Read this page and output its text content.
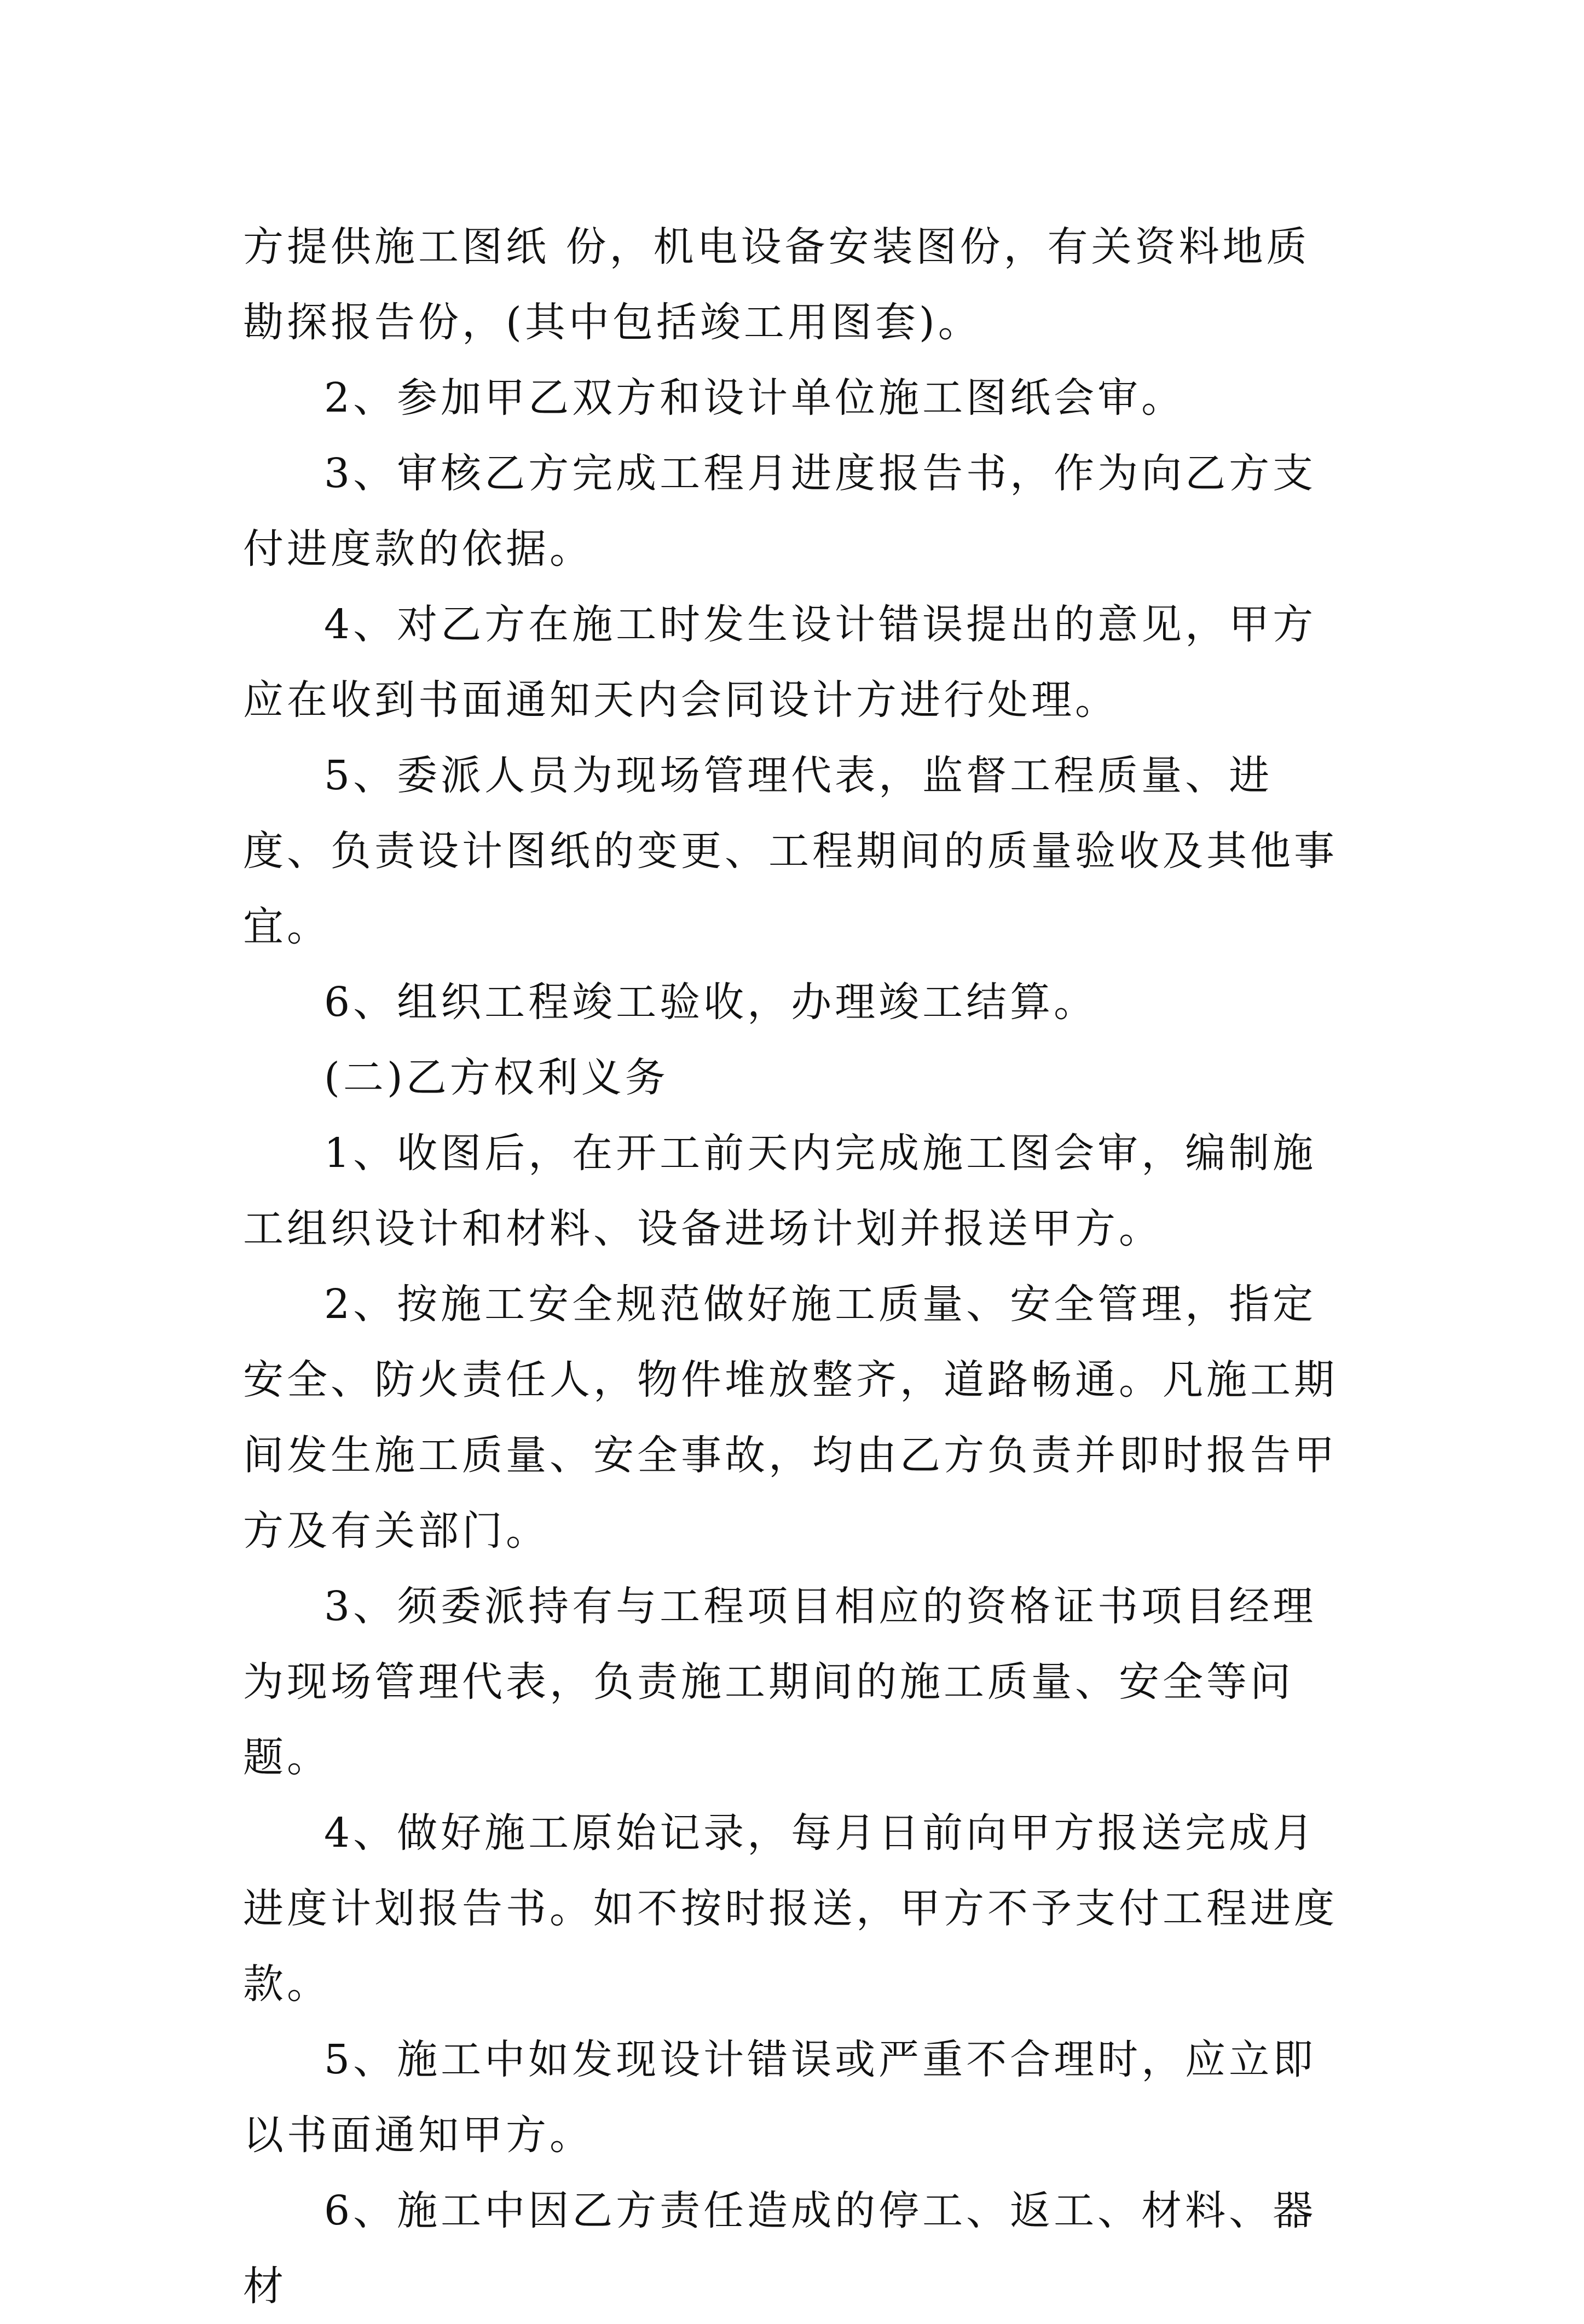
方提供施工图纸 份，机电设备安装图份，有关资料地质勘探报告份，(其中包括竣工用图套)。

2、参加甲乙双方和设计单位施工图纸会审。

3、审核乙方完成工程月进度报告书，作为向乙方支付进度款的依据。

4、对乙方在施工时发生设计错误提出的意见，甲方应在收到书面通知天内会同设计方进行处理。

5、委派人员为现场管理代表，监督工程质量、进度、负责设计图纸的变更、工程期间的质量验收及其他事宜。

6、组织工程竣工验收，办理竣工结算。

(二)乙方权利义务

1、收图后，在开工前天内完成施工图会审，编制施工组织设计和材料、设备进场计划并报送甲方。

2、按施工安全规范做好施工质量、安全管理，指定安全、防火责任人，物件堆放整齐，道路畅通。凡施工期间发生施工质量、安全事故，均由乙方负责并即时报告甲方及有关部门。

3、须委派持有与工程项目相应的资格证书项目经理为现场管理代表，负责施工期间的施工质量、安全等问题。

4、做好施工原始记录，每月日前向甲方报送完成月进度计划报告书。如不按时报送，甲方不予支付工程进度款。

5、施工中如发现设计错误或严重不合理时，应立即以书面通知甲方。

6、施工中因乙方责任造成的停工、返工、材料、器材
